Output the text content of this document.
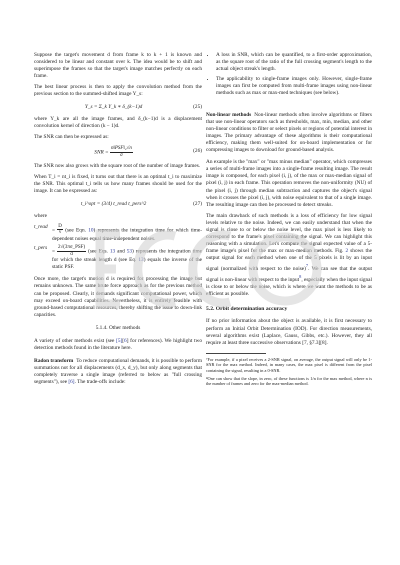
Suppose the target's movement d from frame k to k + 1 is known and considered to be linear and constant over k. The idea would be to shift and superimpose the frames so that the target's image matches perfectly on each frame.

The best linear process is then to apply the convolution method from the previous section to the summed-shifted image Y_s:

Y_s = Σ_k Y_k ∗ δ_(k−1)d	(25)

where Y_k are all the image frames, and δ_(k−1)d is a displacement convolution kernel of direction (k − 1)d.

The SNR can then be expressed as:

SNR = $\frac{\text{n‖PSF‖₂√n}}{\sigma}$	(26)

The SNR now also grows with the square root of the number of image frames.

When T_i = nt_i is fixed, it turns out that there is an optimal t_i to maximize the SNR. This optimal t_i tells us how many frames should be used for the image. It can be expressed as:

t_i^opt = (3/4) t_read t_pers^2	(27)

where

t_read
= $\frac{D}{v} (see$ Eqn. 10) represents the integration time for which time-dependent noises equal time-independent noises.
t_pers
= $\frac{\text{2√(3πσ\_PSF)}}{d} (see$ Eqs. 13 and 53) represents the integration time for which the streak length d (see Eq. 13) equals the inverse of the static PSF.

Once more, the target's motion d is required for processing the image but remains unknown. The same brute force approach as for the previous method can be proposed. Clearly, it demands significant computational power, which may exceed on-board capabilities. Nevertheless, it is entirely feasible with ground-based computational resources, thereby shifting the issue to down-link capacities.

5.1.4. Other methods

A variety of other methods exist (see [5][6] for references). We highlight two detection methods found in the literature here.

Radon transform To reduce computational demands, it is possible to perform summations not for all displacements (d_x, d_y), but only along segments that completely traverse a single image (referred to below as "full crossing segments"), see [6]. The trade-offs include:

• A loss in SNR, which can be quantified, to a first-order approximation, as the square root of the ratio of the full crossing segment's length to the actual object streak's length.
• The applicability to single-frame images only. However, single-frame images can first be computed from multi-frame images using non-linear methods such as max or max-med techniques (see below).

Non-linear methods Non-linear methods often involve algorithms or filters that use non-linear operators such as thresholds, max, min, median, and other non-linear conditions to filter or select pixels or regions of potential interest in images. The primary advantage of these algorithms is their computational efficiency, making them well-suited for on-board implementation or for compressing images to download for ground-based analysis.

An example is the "max" or "max minus median" operator, which compresses a series of multi-frame images into a single-frame resulting image. The result image is composed, for each pixel (i, j), of the max or max-median signal of pixel (i, j) in each frame. This operation removes the non-uniformity (NU) of the pixel (i, j) through median subtraction and captures the object's signal when it crosses the pixel (i, j), with noise equivalent to that of a single image. The resulting image can then be processed to detect streaks.

The main drawback of such methods is a loss of efficiency for low signal levels relative to the noise. Indeed, we can easily understand that when the signal is close to or below the noise level, the max pixel is less likely to correspond to the frame's pixel containing the signal. We can highlight this reasoning with a simulation. Let's compute the signal expected value of a 5-frame image's pixel for the max or max-median methods. Fig. 2 shows the output signal for each method when one of the 5 pixels is lit by an input signal (normalized with respect to the noise)$^7$. We can see that the output signal is non-linear with respect to the input$^8$, especially when the input signal is close to or below the noise, which is where we want the methods to be as efficient as possible.

5.2. Orbit determination accuracy

If no prior information about the object is available, it is first necessary to perform an Initial Orbit Determination (IOD). For direction measurements, several algorithms exist (Laplace, Gauss, Gibbs, etc.). However, they all require at least three successive observations [7, §7.3][8].

⁷For example, if a pixel receives a 2-SNR signal, on average, the output signal will only be 1-SNR for the max method. Indeed, in many cases, the max pixel is different from the pixel containing the signal, resulting in a 0-SNR.

⁸One can show that the slope, in zero, of these functions is 1/n for the max method, where n is the number of frames and zero for the max-median method.
